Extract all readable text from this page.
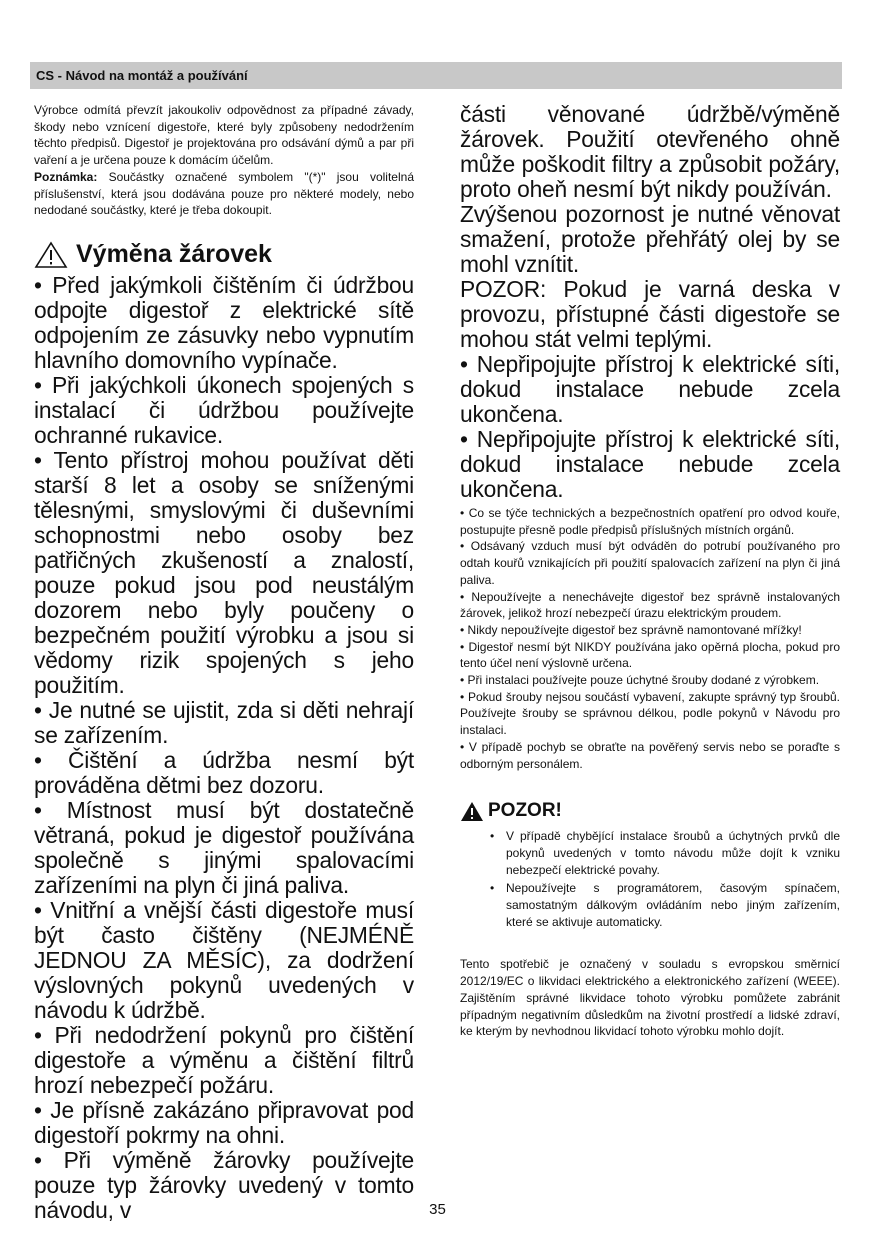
CS - Návod na montáž a používání

Výrobce odmítá převzít jakoukoliv odpovědnost za případné závady, škody nebo vznícení digestoře, které byly způsobeny nedodržením těchto předpisů. Digestoř je projektována pro odsávání dýmů a par při vaření a je určena pouze k domácím účelům.

Poznámka: Součástky označené symbolem "(*)" jsou volitelná příslušenství, která jsou dodávána pouze pro některé modely, nebo nedodané součástky, které je třeba dokoupit.

Výměna žárovek

• Před jakýmkoli čištěním či údržbou odpojte digestoř z elektrické sítě odpojením ze zásuvky nebo vypnutím hlavního domovního vypínače.

• Při jakýchkoli úkonech spojených s instalací či údržbou používejte ochranné rukavice.

• Tento přístroj mohou používat děti starší 8 let a osoby se sníženými tělesnými, smyslovými či duševními schopnostmi nebo osoby bez patřičných zkušeností a znalostí, pouze pokud jsou pod neustálým dozorem nebo byly poučeny o bezpečném použití výrobku a jsou si vědomy rizik spojených s jeho použitím.

• Je nutné se ujistit, zda si děti nehrají se zařízením.

• Čištění a údržba nesmí být prováděna dětmi bez dozoru.

• Místnost musí být dostatečně větraná, pokud je digestoř používána společně s jinými spalovacími zařízeními na plyn či jiná paliva.

• Vnitřní a vnější části digestoře musí být často čištěny (NEJMÉNĚ JEDNOU ZA MĚSÍC), za dodržení výslovných pokynů uvedených v návodu k údržbě.

• Při nedodržení pokynů pro čištění digestoře a výměnu a čištění filtrů hrozí nebezpečí požáru.

• Je přísně zakázáno připravovat pod digestoří pokrmy na ohni.

• Při výměně žárovky používejte pouze typ žárovky uvedený v tomto návodu, v

části věnované údržbě/výměně žárovek. Použití otevřeného ohně může poškodit filtry a způsobit požáry, proto oheň nesmí být nikdy používán.

Zvýšenou pozornost je nutné věnovat smažení, protože přehřátý olej by se mohl vznítit.

POZOR: Pokud je varná deska v provozu, přístupné části digestoře se mohou stát velmi teplými.

• Nepřipojujte přístroj k elektrické síti, dokud instalace nebude zcela ukončena.

• Nepřipojujte přístroj k elektrické síti, dokud instalace nebude zcela ukončena.

• Co se týče technických a bezpečnostních opatření pro odvod kouře, postupujte přesně podle předpisů příslušných místních orgánů.

• Odsávaný vzduch musí být odváděn do potrubí používaného pro odtah kouřů vznikajících při použití spalovacích zařízení na plyn či jiná paliva.

• Nepoužívejte a nenechávejte digestoř bez správně instalovaných žárovek, jelikož hrozí nebezpečí úrazu elektrickým proudem.

• Nikdy nepoužívejte digestoř bez správně namontované mřížky!

• Digestoř nesmí být NIKDY používána jako opěrná plocha, pokud pro tento účel není výslovně určena.

• Při instalaci používejte pouze úchytné šrouby dodané z výrobkem.

• Pokud šrouby nejsou součástí vybavení, zakupte správný typ šroubů. Používejte šrouby se správnou délkou, podle pokynů v Návodu pro instalaci.

• V případě pochyb se obraťte na pověřený servis nebo se poraďte s odborným personálem.

POZOR!
• V případě chybějící instalace šroubů a úchytných prvků dle pokynů uvedených v tomto návodu může dojít k vzniku nebezpečí elektrické povahy.
• Nepoužívejte s programátorem, časovým spínačem, samostatným dálkovým ovládáním nebo jiným zařízením, které se aktivuje automaticky.

Tento spotřebič je označený v souladu s evropskou směrnicí 2012/19/EC o likvidaci elektrického a elektronického zařízení (WEEE). Zajištěním správné likvidace tohoto výrobku pomůžete zabránit případným negativním důsledkům na životní prostředí a lidské zdraví, ke kterým by nevhodnou likvidací tohoto výrobku mohlo dojít.

35
